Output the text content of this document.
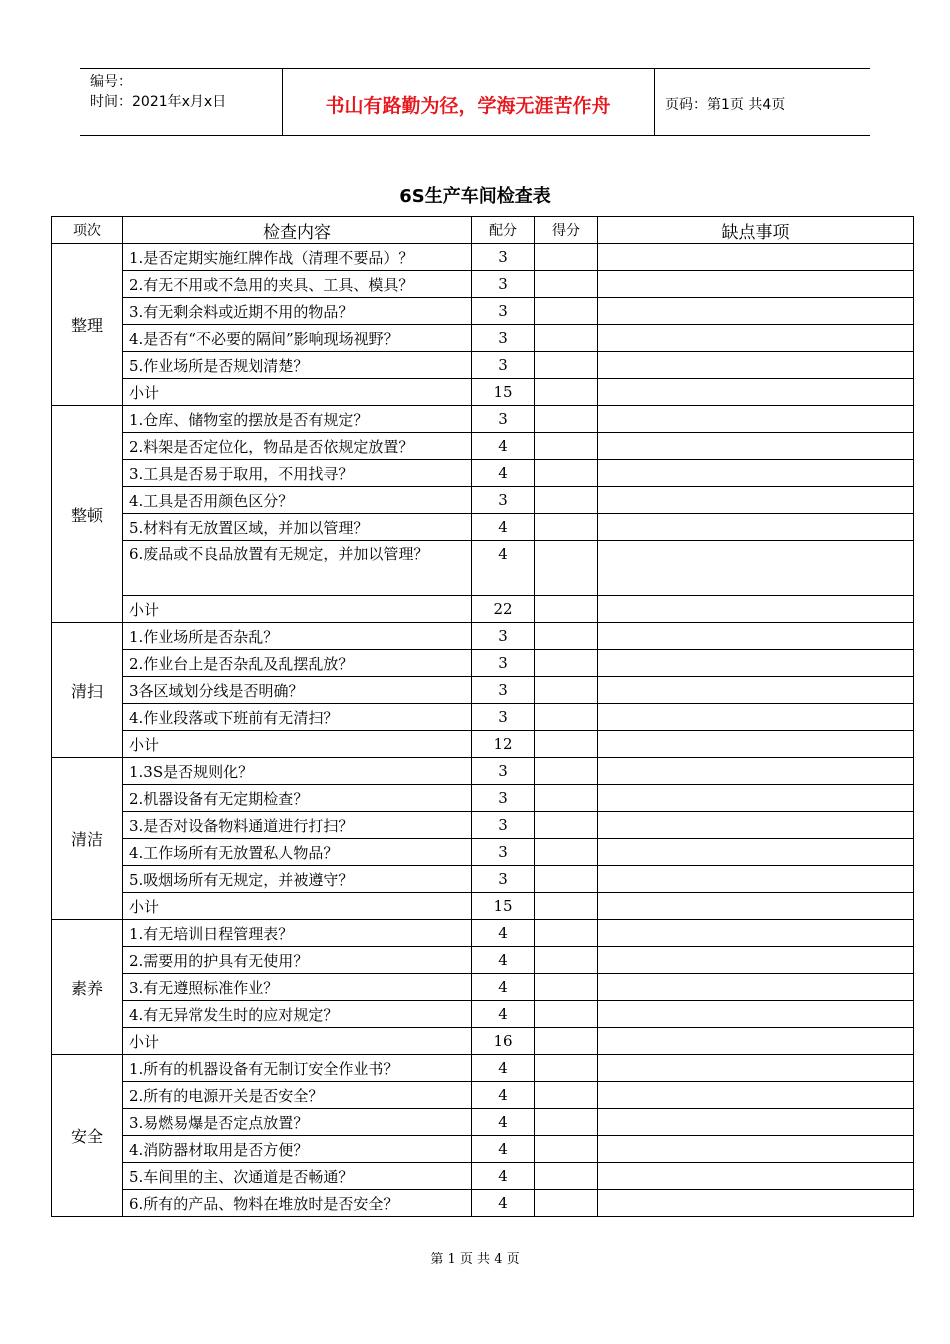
编号：
时间：2021年x月x日	书山有路勤为径，学海无涯苦作舟	页码：第1页 共4页
6S生产车间检查表
项次	检查内容	配分	得分	缺点事项
整理	1.是否定期实施红牌作战（清理不要品）？	3		
	2.有无不用或不急用的夹具、工具、模具？	3		
	3.有无剩余料或近期不用的物品？	3		
	4.是否有“不必要的隔间”影响现场视野？	3		
	5.作业场所是否规划清楚？	3		
	小计	15		
整顿	1.仓库、储物室的摆放是否有规定？	3		
	2.料架是否定位化，物品是否依规定放置？	4		
	3.工具是否易于取用，不用找寻？	4		
	4.工具是否用颜色区分？	3		
	5.材料有无放置区域，并加以管理？	4		
	6.废品或不良品放置有无规定，并加以管理？	4		
	小计	22		
清扫	1.作业场所是否杂乱？	3		
	2.作业台上是否杂乱及乱摆乱放？	3		
	3各区域划分线是否明确？	3		
	4.作业段落或下班前有无清扫？	3		
	小计	12		
清洁	1.3S是否规则化？	3		
	2.机器设备有无定期检查？	3		
	3.是否对设备物料通道进行打扫？	3		
	4.工作场所有无放置私人物品？	3		
	5.吸烟场所有无规定，并被遵守？	3		
	小计	15		
素养	1.有无培训日程管理表？	4		
	2.需要用的护具有无使用？	4		
	3.有无遵照标准作业？	4		
	4.有无异常发生时的应对规定？	4		
	小计	16		
安全	1.所有的机器设备有无制订安全作业书？	4		
	2.所有的电源开关是否安全？	4		
	3.易燃易爆是否定点放置？	4		
	4.消防器材取用是否方便？	4		
	5.车间里的主、次通道是否畅通？	4		
	6.所有的产品、物料在堆放时是否安全？	4		
第 1 页 共 4 页
